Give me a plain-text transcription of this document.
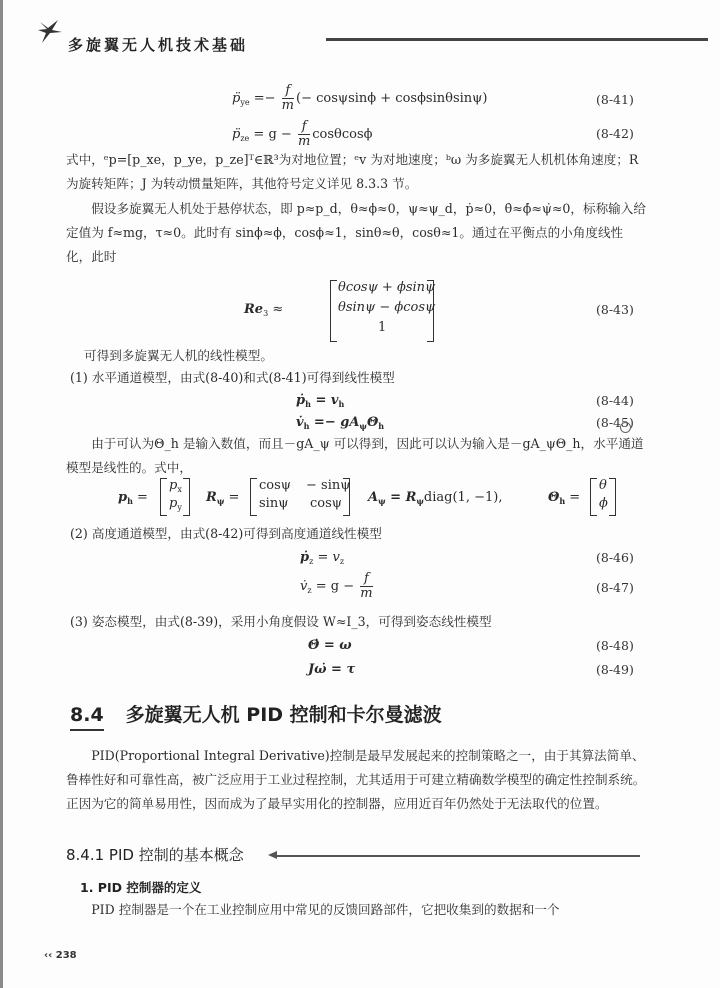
多旋翼无人机技术基础
$p̈_{ye} =- \frac{f}{m}$ (− cosψsinϕ + cosϕsinθsinψ)	(8-41)
$p̈_{ze} = g - \frac{f}{m}$ cosθcosϕ	(8-42)
式中，ᵉp=[p_xe，p_ye，p_ze]ᵀ∈ℝ³为对地位置；ᵉv 为对地速度；ᵇω 为多旋翼无人机机体角速度；R 为旋转矩阵；J 为转动惯量矩阵，其他符号定义详见 8.3.3 节。
假设多旋翼无人机处于悬停状态，即 p≈p_d，θ≈ϕ≈0，ψ≈ψ_d，ṗ≈0，θ̇≈ϕ̇≈ψ̇≈0，标称输入给定值为 f≈mg，τ≈0。此时有 sinϕ≈ϕ，cosϕ≈1，sinθ≈θ，cosθ≈1。通过在平衡点的小角度线性化，此时
$Re_3$ ≈
θcosψ + ϕsinψ
θsinψ − ϕcosψ
1
(8-43)
可得到多旋翼无人机的线性模型。
(1) 水平通道模型，由式(8-40)和式(8-41)可得到线性模型
ṗ$_h$ = $v_h$	(8-44)
$v̇_h =- gA_\psi\Theta_h$	(8-45)
由于可认为Θ_h 是输入数值，而且－gA_ψ 可以得到，因此可以认为输入是－gA_ψΘ_h，水平通道模型是线性的。式中，
$p_h$ =
$p_x$
$p_y$
$R_\psi$ =
cosψ − sinψ
sinψ cosψ $A_\psi$ = $R_\psi diag(1$, −1),	$\Theta_h$ =
θ
ϕ
(2) 高度通道模型，由式(8-42)可得到高度通道线性模型
ṗ$_z$ = $v_z$	(8-46)
$v̇_z = g - \frac{f}{m}$	(8-47)
(3) 姿态模型，由式(8-39)，采用小角度假设 W≈I_3，可得到姿态线性模型
Θ̇ = ω	(8-48)
Jω̇ = τ	(8-49)
8.4 多旋翼无人机 PID 控制和卡尔曼滤波
PID(Proportional Integral Derivative)控制是最早发展起来的控制策略之一，由于其算法简单、鲁棒性好和可靠性高，被广泛应用于工业过程控制，尤其适用于可建立精确数学模型的确定性控制系统。正因为它的简单易用性，因而成为了最早实用化的控制器，应用近百年仍然处于无法取代的位置。
8.4.1 PID 控制的基本概念
1. PID 控制器的定义
PID 控制器是一个在工业控制应用中常见的反馈回路部件，它把收集到的数据和一个
‹‹ 238
